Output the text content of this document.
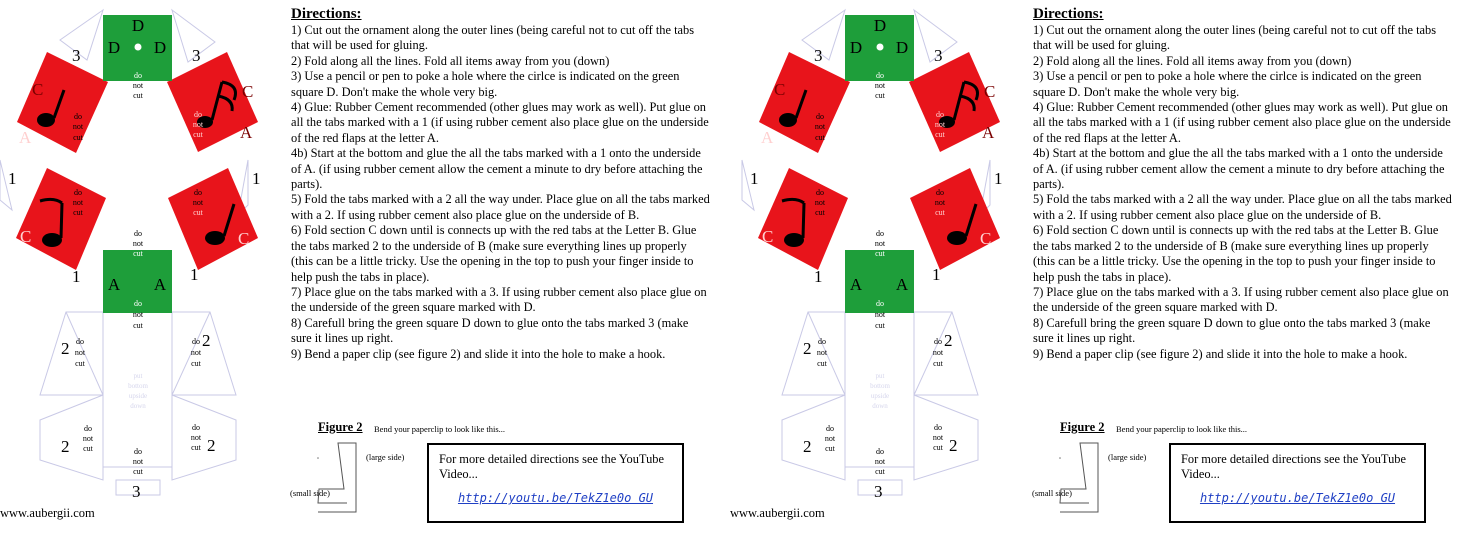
D
D D
A A
C	C
A	A
C	C
3	3
1	1
1	1
2	2
2	2
3
do
not
cut
do
not
cut
do
not
cut
do
not
cut
do
not
cut
do
not
cut
do
not
cut
do
not
cut
do
not
cut
do
not
cut
do
not
cut
do
not
cut
put
bottom
upside
down
Directions:

1) Cut out the ornament along the outer lines (being careful not to cut off the tabs that will be used for gluing.

2) Fold along all the lines. Fold all items away from you (down)

3) Use a pencil or pen to poke a hole where the cirlce is indicated on the green square D. Don't make the whole very big.

4) Glue: Rubber Cement recommended (other glues may work as well). Put glue on all the tabs marked with a 1 (if using rubber cement also place glue on the underside of the red flaps at the letter A.

4b) Start at the bottom and glue the all the tabs marked with a 1 onto the underside of A. (if using rubber cement allow the cement a minute to dry before attaching the parts).

5) Fold the tabs marked with a 2 all the way under. Place glue on all the tabs marked with a 2. If using rubber cement also place glue on the underside of B.

6) Fold section C down until is connects up with the red tabs at the Letter B. Glue the tabs marked 2 to the underside of B (make sure everything lines up properly (this can be a little tricky. Use the opening in the top to push your finger inside to help push the tabs in place).

7) Place glue on the tabs marked with a 3. If using rubber cement also place glue on the underside of the green square marked with D.

8) Carefull bring the green square D down to glue onto the tabs marked 3 (make sure it lines up right.

9) Bend a paper clip (see figure 2) and slide it into the hole to make a hook.

Figure 2 Bend your paperclip to look like this...
(large side)
(small side)
For more detailed directions see the YouTube Video...
http://youtu.be/TekZ1e0o GU
www.aubergii.com
D
D D
A A
C	C
A	A
C	C
3	3
1	1
1	1
2	2
2	2
3
do
not
cut
do
not
cut
do
not
cut
do
not
cut
do
not
cut
do
not
cut
do
not
cut
do
not
cut
do
not
cut
do
not
cut
do
not
cut
do
not
cut
put
bottom
upside
down
Directions:

1) Cut out the ornament along the outer lines (being careful not to cut off the tabs that will be used for gluing.

2) Fold along all the lines. Fold all items away from you (down)

3) Use a pencil or pen to poke a hole where the cirlce is indicated on the green square D. Don't make the whole very big.

4) Glue: Rubber Cement recommended (other glues may work as well). Put glue on all the tabs marked with a 1 (if using rubber cement also place glue on the underside of the red flaps at the letter A.

4b) Start at the bottom and glue the all the tabs marked with a 1 onto the underside of A. (if using rubber cement allow the cement a minute to dry before attaching the parts).

5) Fold the tabs marked with a 2 all the way under. Place glue on all the tabs marked with a 2. If using rubber cement also place glue on the underside of B.

6) Fold section C down until is connects up with the red tabs at the Letter B. Glue the tabs marked 2 to the underside of B (make sure everything lines up properly (this can be a little tricky. Use the opening in the top to push your finger inside to help push the tabs in place).

7) Place glue on the tabs marked with a 3. If using rubber cement also place glue on the underside of the green square marked with D.

8) Carefull bring the green square D down to glue onto the tabs marked 3 (make sure it lines up right.

9) Bend a paper clip (see figure 2) and slide it into the hole to make a hook.

Figure 2 Bend your paperclip to look like this...
(large side)
(small side)
For more detailed directions see the YouTube Video...
http://youtu.be/TekZ1e0o GU
www.aubergii.com
